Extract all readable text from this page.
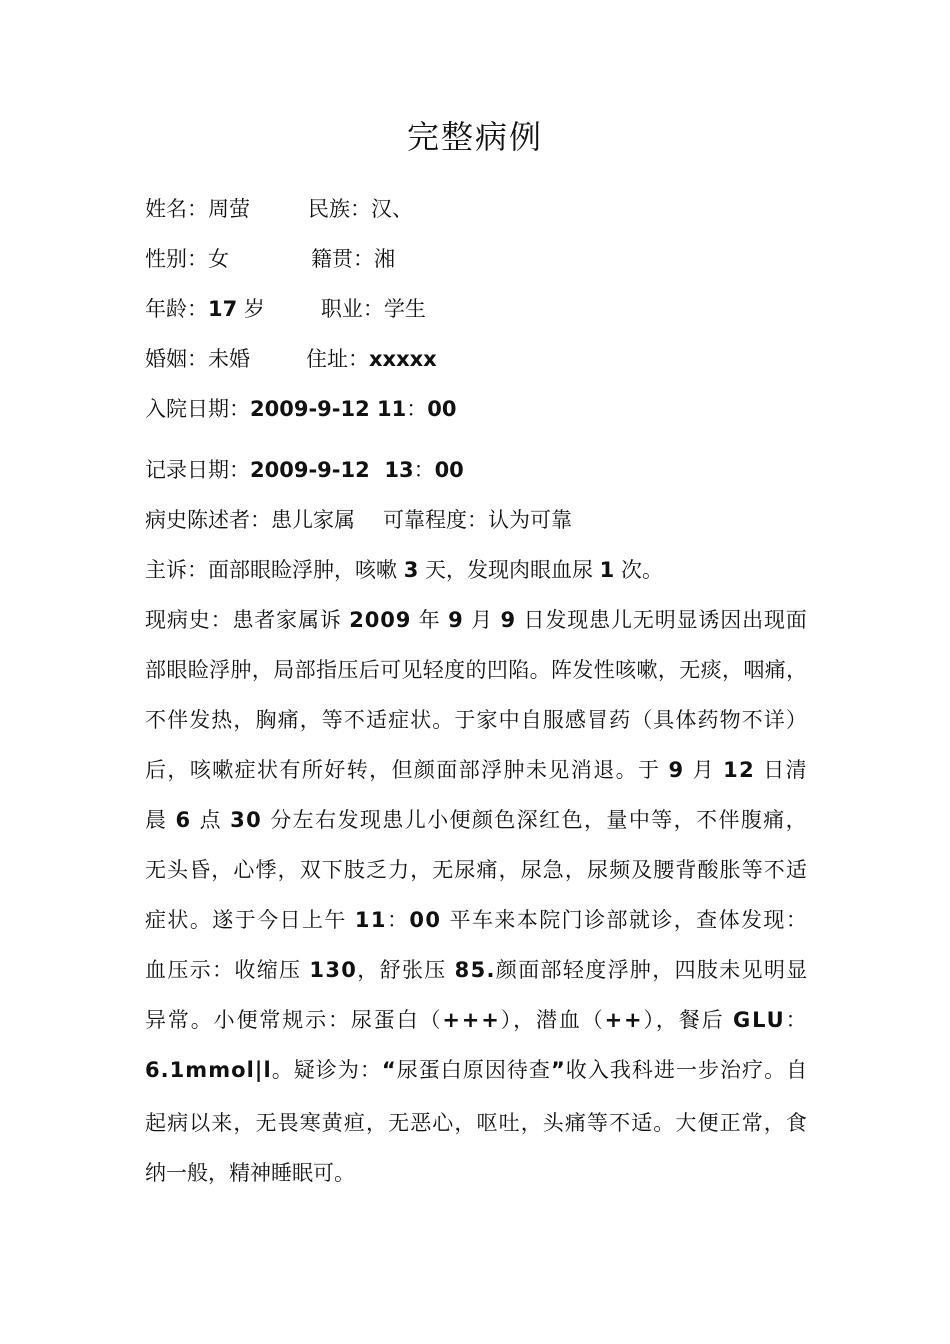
完整病例
姓名：周萤	民族：汉、
性别：女	籍贯：湘
年龄：17 岁	职业：学生
婚姻：未婚	住址：xxxxx
入院日期：2009-9-12 11：00
记录日期：2009-9-12  13：00
病史陈述者：患儿家属 可靠程度：认为可靠
主诉：面部眼睑浮肿，咳嗽 3 天，发现肉眼血尿 1 次。
现病史：患者家属诉 2009 年 9 月 9 日发现患儿无明显诱因出现面
部眼睑浮肿，局部指压后可见轻度的凹陷。阵发性咳嗽，无痰，咽痛，
不伴发热，胸痛，等不适症状。于家中自服感冒药（具体药物不详）
后，咳嗽症状有所好转，但颜面部浮肿未见消退。于 9 月 12 日清
晨 6 点 30 分左右发现患儿小便颜色深红色，量中等，不伴腹痛，
无头昏，心悸，双下肢乏力，无尿痛，尿急，尿频及腰背酸胀等不适
症状。遂于今日上午 11：00 平车来本院门诊部就诊，查体发现：
血压示：收缩压 130，舒张压 85.颜面部轻度浮肿，四肢未见明显
异常。小便常规示：尿蛋白（+++），潜血（++），餐后 GLU：
6.1mmol|l。疑诊为：“尿蛋白原因待查”收入我科进一步治疗。自
起病以来，无畏寒黄疸，无恶心，呕吐，头痛等不适。大便正常，食
纳一般，精神睡眠可。
